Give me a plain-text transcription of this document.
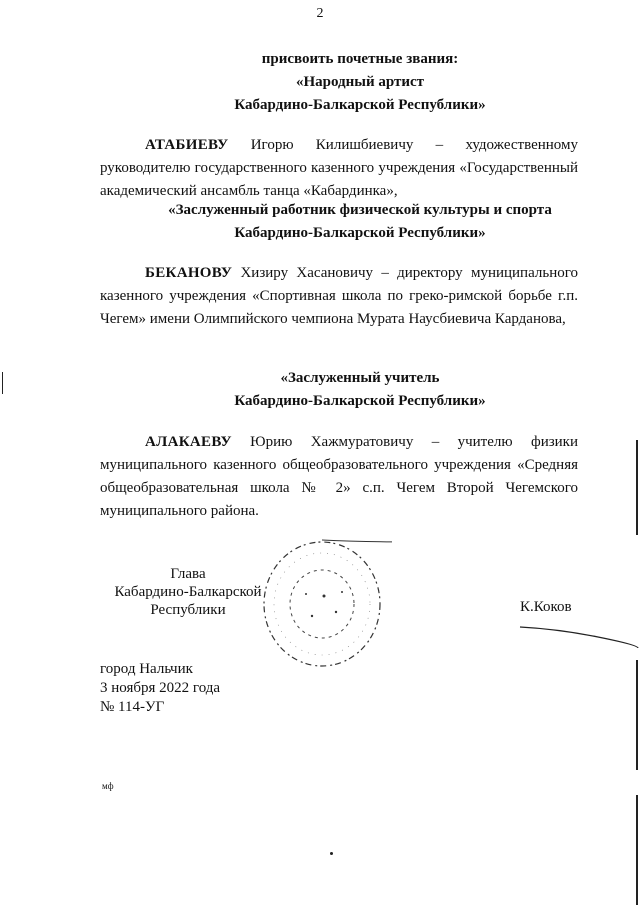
2
присвоить почетные звания:
«Народный артист
Кабардино-Балкарской Республики»
АТАБИЕВУ Игорю Килишбиевичу – художественному руководителю государственного казенного учреждения «Государственный академический ансамбль танца «Кабардинка»,
«Заслуженный работник физической культуры и спорта
Кабардино-Балкарской Республики»
БЕКАНОВУ Хизиру Хасановичу – директору муниципального казенного учреждения «Спортивная школа по греко-римской борьбе г.п. Чегем» имени Олимпийского чемпиона Мурата Наусбиевича Карданова,
«Заслуженный учитель
Кабардино-Балкарской Республики»
АЛАКАЕВУ Юрию Хажмуратовичу – учителю физики муниципального казенного общеобразовательного учреждения «Средняя общеобразовательная школа № 2» с.п. Чегем Второй Чегемского муниципального района.
Глава
Кабардино-Балкарской
Республики	К.Коков
город Нальчик
3 ноября 2022 года
№ 114-УГ
мф
